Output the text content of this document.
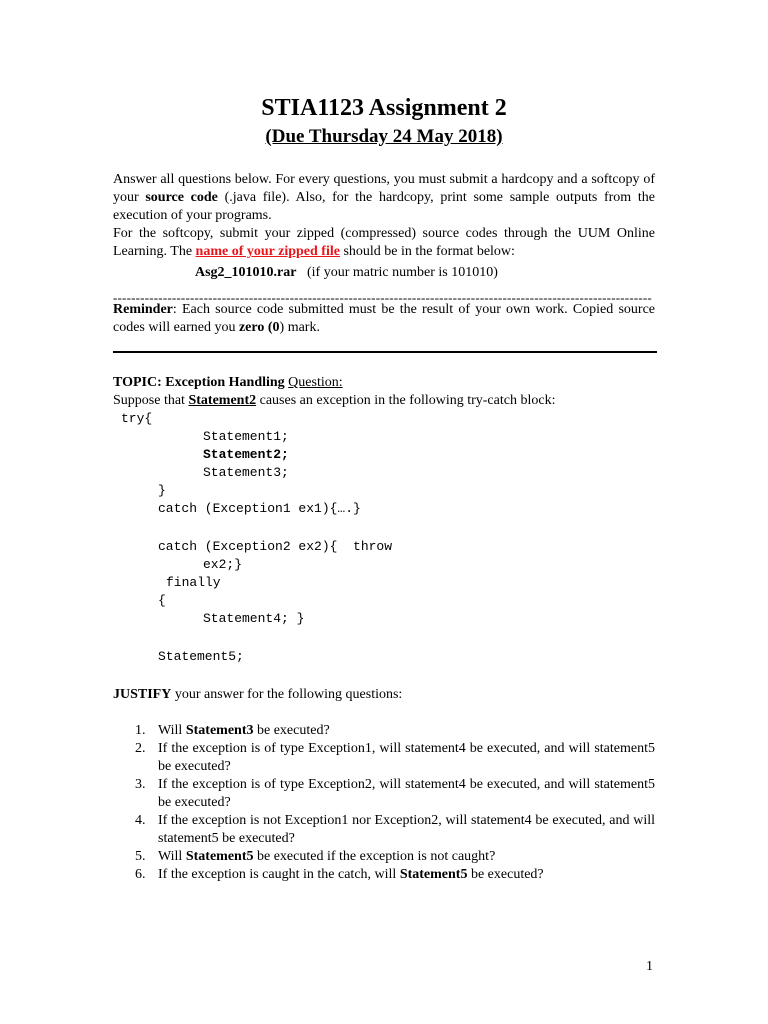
STIA1123 Assignment 2
(Due Thursday 24 May 2018)
Answer all questions below. For every questions, you must submit a hardcopy and a softcopy of your source code (.java file). Also, for the hardcopy, print some sample outputs from the execution of your programs.
For the softcopy, submit your zipped (compressed) source codes through the UUM Online Learning. The name of your zipped file should be in the format below:
Asg2_101010.rar (if your matric number is 101010)
-----------------------------------------------------------------------------------------------------------------------
Reminder: Each source code submitted must be the result of your own work. Copied source codes will earned you zero (0) mark.
TOPIC: Exception Handling Question:
Suppose that Statement2 causes an exception in the following try-catch block:
try{
Statement1;
Statement2;
Statement3;
}
catch (Exception1 ex1){….}
catch (Exception2 ex2){  throw
ex2;}
finally
{
Statement4; }
Statement5;
JUSTIFY your answer for the following questions:
1. Will Statement3 be executed?
2. If the exception is of type Exception1, will statement4 be executed, and will statement5 be executed?
3. If the exception is of type Exception2, will statement4 be executed, and will statement5 be executed?
4. If the exception is not Exception1 nor Exception2, will statement4 be executed, and will statement5 be executed?
5. Will Statement5 be executed if the exception is not caught?
6. If the exception is caught in the catch, will Statement5 be executed?
1
